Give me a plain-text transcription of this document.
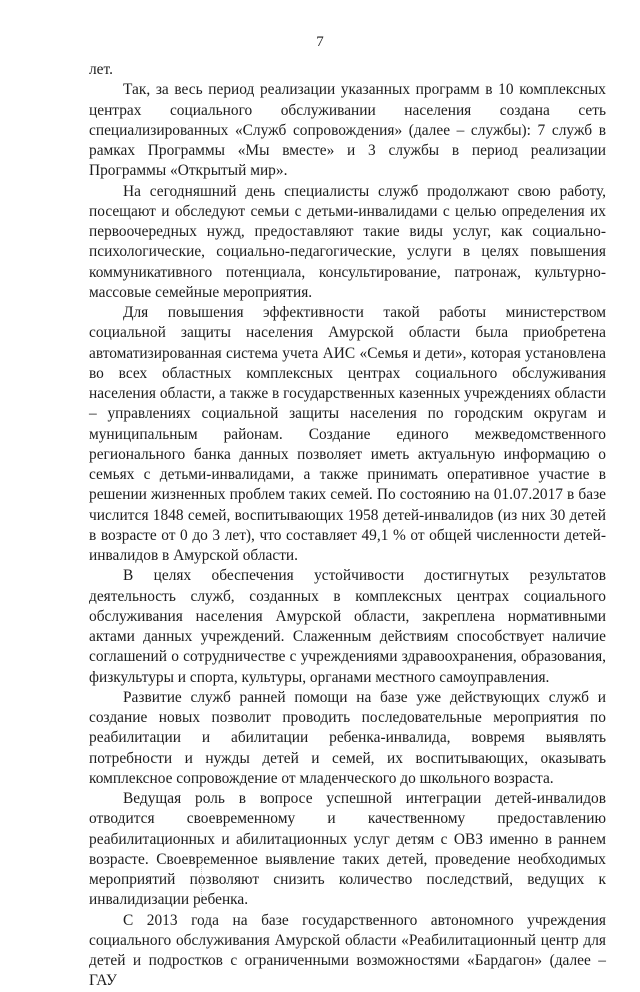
7

лет.

Так, за весь период реализации указанных программ в 10 комплексных центрах социального обслуживании населения создана сеть специализированных «Служб сопровождения» (далее – службы): 7 служб в рамках Программы «Мы вместе» и 3 службы в период реализации Программы «Открытый мир».

На сегодняшний день специалисты служб продолжают свою работу, посещают и обследуют семьи с детьми-инвалидами с целью определения их первоочередных нужд, предоставляют такие виды услуг, как социально-психологические, социально-педагогические, услуги в целях повышения коммуникативного потенциала, консультирование, патронаж, культурно-массовые семейные мероприятия.

Для повышения эффективности такой работы министерством социальной защиты населения Амурской области была приобретена автоматизированная система учета АИС «Семья и дети», которая установлена во всех областных комплексных центрах социального обслуживания населения области, а также в государственных казенных учреждениях области – управлениях социальной защиты населения по городским округам и муниципальным районам. Создание единого межведомственного регионального банка данных позволяет иметь актуальную информацию о семьях с детьми-инвалидами, а также принимать оперативное участие в решении жизненных проблем таких семей. По состоянию на 01.07.2017 в базе числится 1848 семей, воспитывающих 1958 детей-инвалидов (из них 30 детей в возрасте от 0 до 3 лет), что составляет 49,1 % от общей численности детей-инвалидов в Амурской области.

В целях обеспечения устойчивости достигнутых результатов деятельность служб, созданных в комплексных центрах социального обслуживания населения Амурской области, закреплена нормативными актами данных учреждений. Слаженным действиям способствует наличие соглашений о сотрудничестве с учреждениями здравоохранения, образования, физкультуры и спорта, культуры, органами местного самоуправления.

Развитие служб ранней помощи на базе уже действующих служб и создание новых позволит проводить последовательные мероприятия по реабилитации и абилитации ребенка-инвалида, вовремя выявлять потребности и нужды детей и семей, их воспитывающих, оказывать комплексное сопровождение от младенческого до школьного возраста.

Ведущая роль в вопросе успешной интеграции детей-инвалидов отводится своевременному и качественному предоставлению реабилитационных и абилитационных услуг детям с ОВЗ именно в раннем возрасте. Своевременное выявление таких детей, проведение необходимых мероприятий позволяют снизить количество последствий, ведущих к инвалидизации ребенка.

С 2013 года на базе государственного автономного учреждения социального обслуживания Амурской области «Реабилитационный центр для детей и подростков с ограниченными возможностями «Бардагон» (далее – ГАУ
